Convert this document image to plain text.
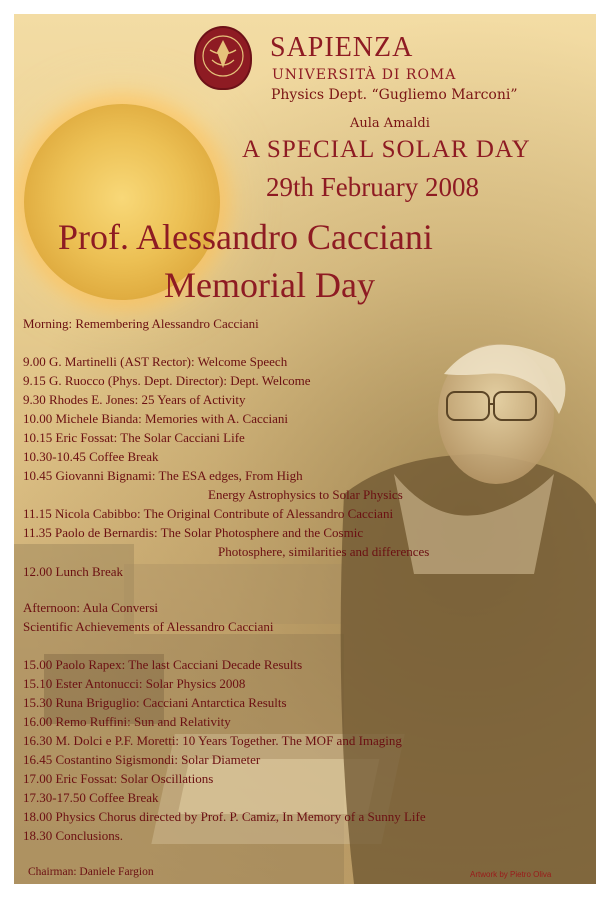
SAPIENZA
UNIVERSITÀ DI ROMA
Physics Dept. “Gugliemo Marconi”
Aula Amaldi
A SPECIAL SOLAR DAY
29th February 2008
Prof. Alessandro Cacciani
Memorial Day
Morning: Remembering Alessandro Cacciani
9.00 G. Martinelli (AST Rector): Welcome Speech
9.15 G. Ruocco (Phys. Dept. Director): Dept. Welcome
9.30 Rhodes E. Jones: 25 Years of Activity
10.00 Michele Bianda: Memories with A. Cacciani
10.15 Eric Fossat: The Solar Cacciani Life
10.30-10.45 Coffee Break
10.45 Giovanni Bignami: The ESA edges, From High
Energy Astrophysics to Solar Physics
11.15 Nicola Cabibbo: The Original Contribute of Alessandro Cacciani
11.35 Paolo de Bernardis: The Solar Photosphere and the Cosmic
Photosphere, similarities and differences
12.00 Lunch Break
Afternoon: Aula Conversi
Scientific Achievements of Alessandro Cacciani
15.00 Paolo Rapex: The last Cacciani Decade Results
15.10 Ester Antonucci: Solar Physics 2008
15.30 Runa Briguglio: Cacciani Antarctica Results
16.00 Remo Ruffini: Sun and Relativity
16.30 M. Dolci e P.F. Moretti: 10 Years Together. The MOF and Imaging
16.45 Costantino Sigismondi: Solar Diameter
17.00 Eric Fossat: Solar Oscillations
17.30-17.50 Coffee Break
18.00 Physics Chorus directed by Prof. P. Camiz, In Memory of a Sunny Life
18.30 Conclusions.
Chairman: Daniele Fargion	Artwork by Pietro Oliva
